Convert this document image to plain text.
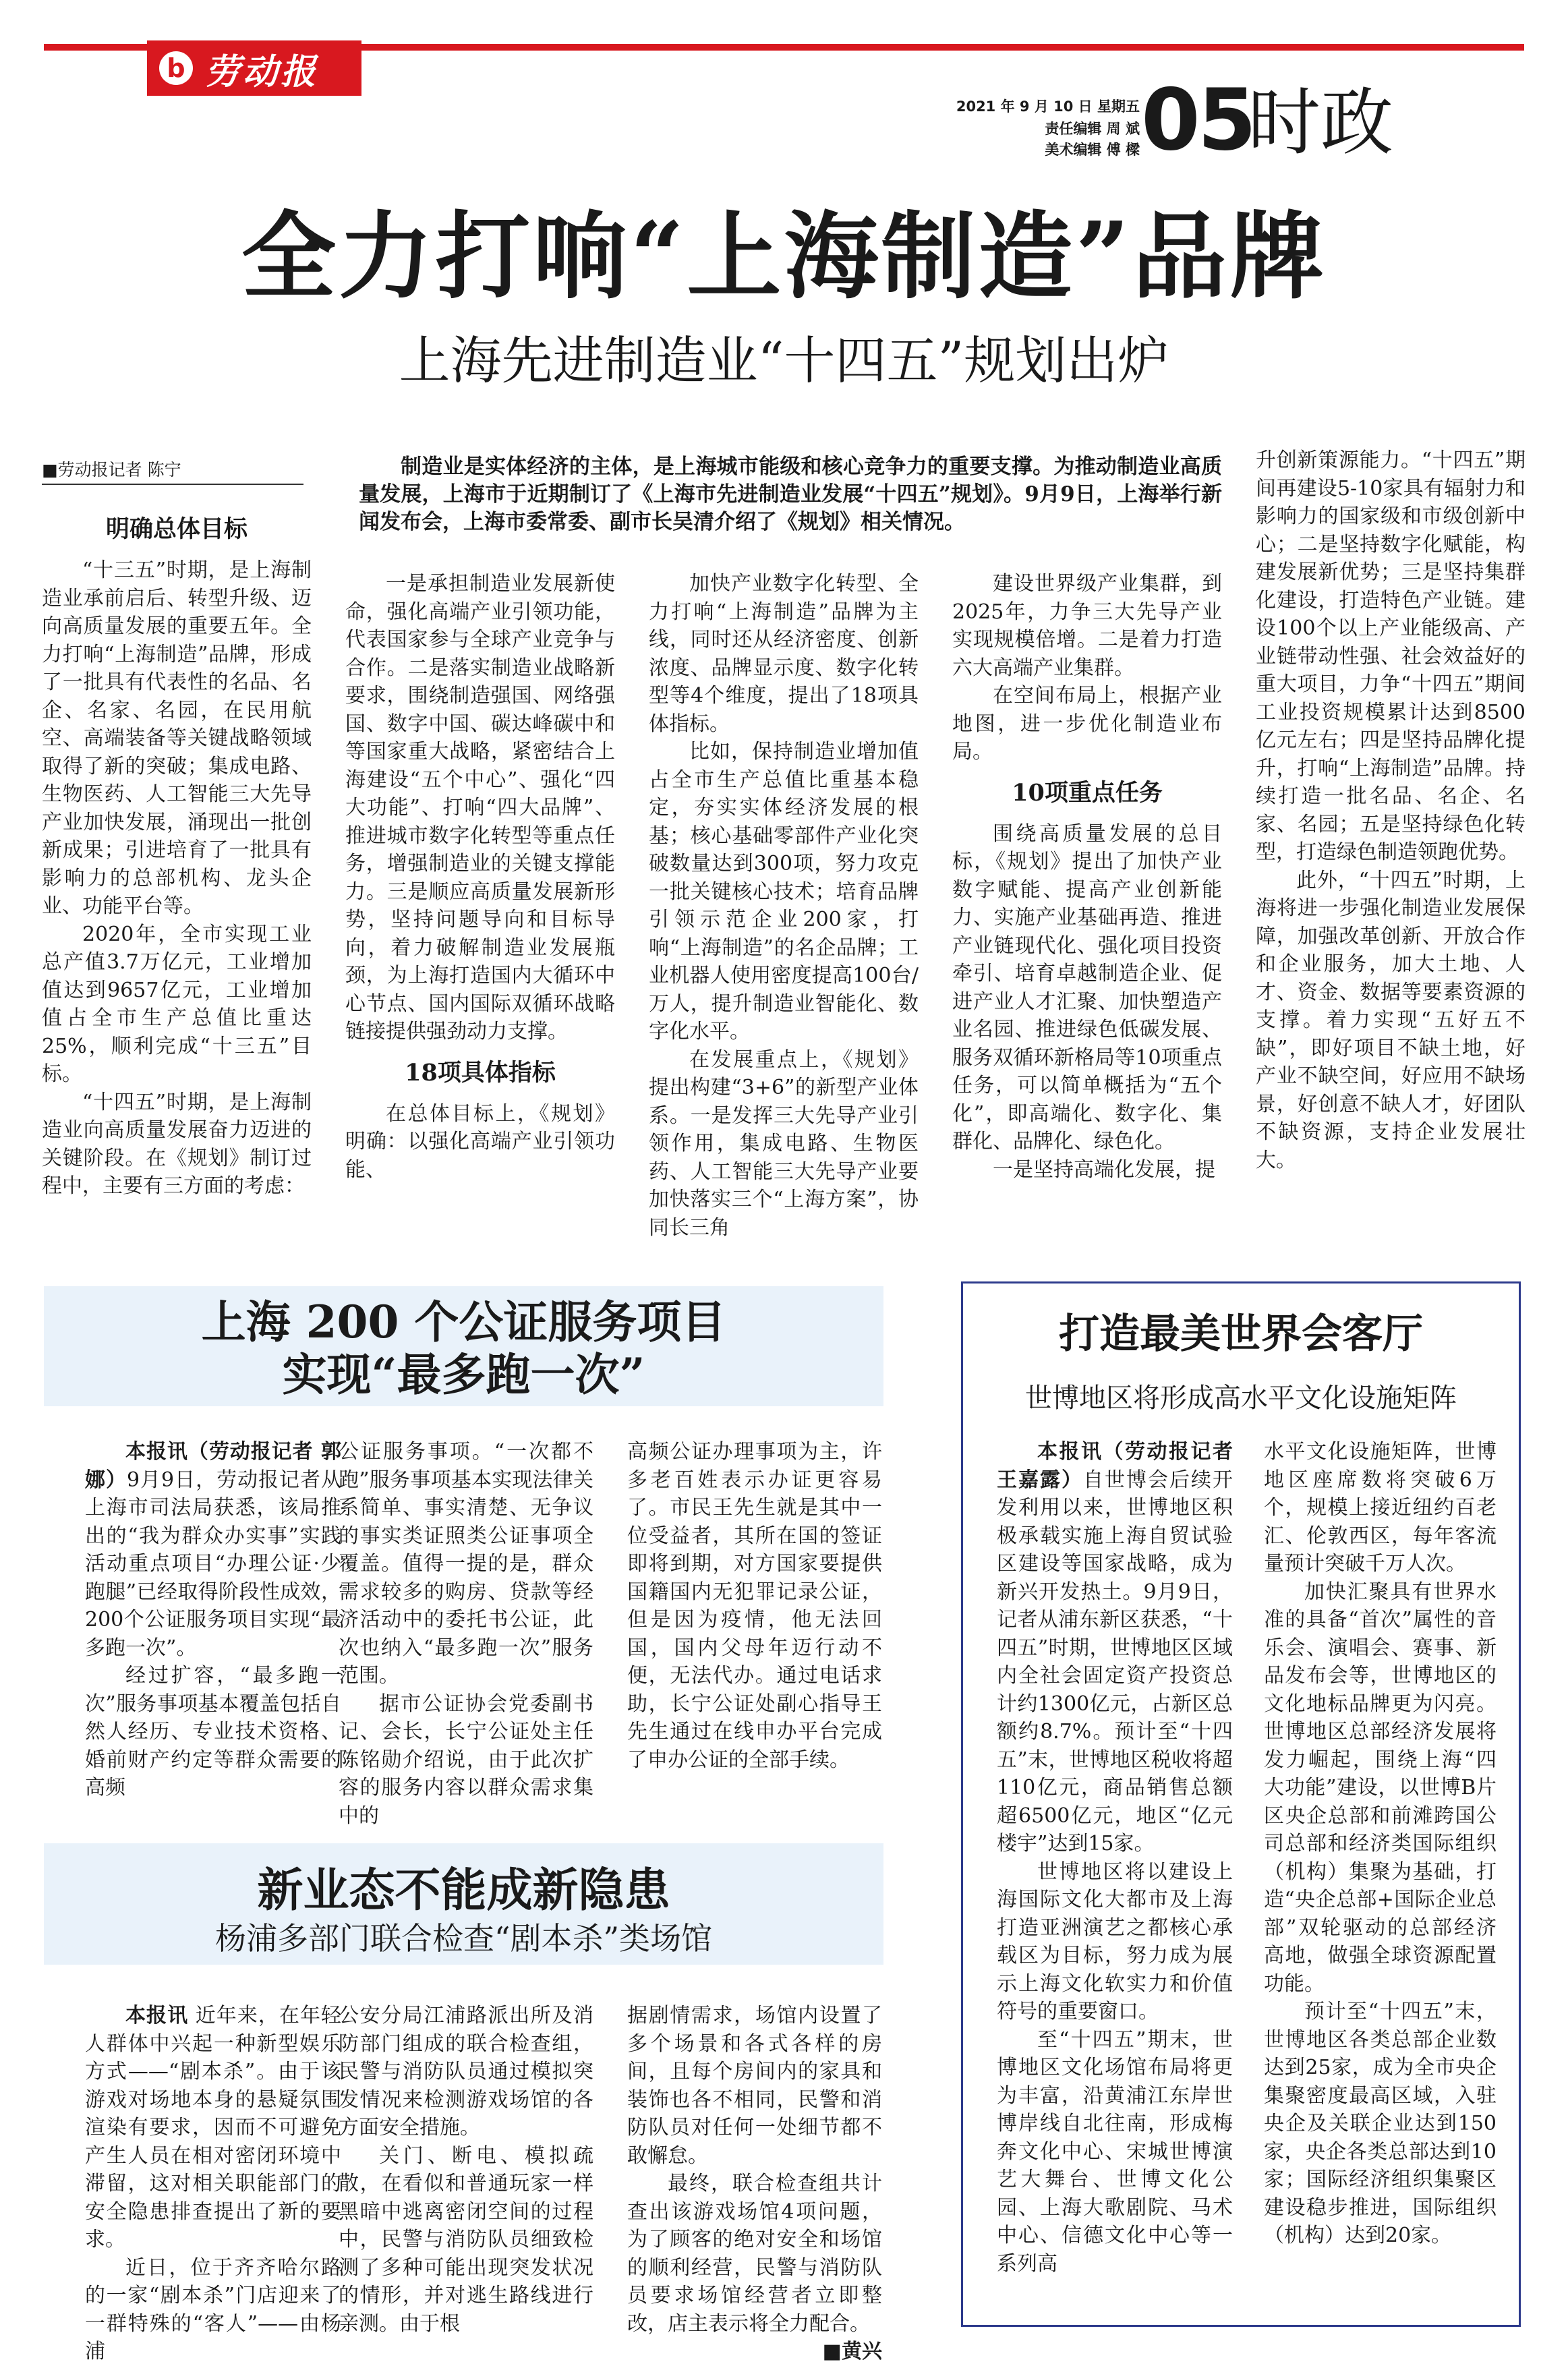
b 劳动报
2021 年 9 月 10 日 星期五
责任编辑 周 斌
美术编辑 傅 樑 05
时政
全力打响“上海制造”品牌
上海先进制造业“十四五”规划出炉
■劳动报记者 陈宁	制造业是实体经济的主体，是上海城市能级和核心竞争力的重要支撑。为推动制造业高质量发展，上海市于近期制订了《上海市先进制造业发展“十四五”规划》。9月9日，上海举行新闻发布会，上海市委常委、副市长吴清介绍了《规划》相关情况。

明确总体目标

“十三五”时期，是上海制造业承前启后、转型升级、迈向高质量发展的重要五年。全力打响“上海制造”品牌，形成了一批具有代表性的名品、名企、名家、名园，在民用航空、高端装备等关键战略领域取得了新的突破；集成电路、生物医药、人工智能三大先导产业加快发展，涌现出一批创新成果；引进培育了一批具有影响力的总部机构、龙头企业、功能平台等。

2020年，全市实现工业总产值3.7万亿元，工业增加值达到9657亿元，工业增加值占全市生产总值比重达25%，顺利完成“十三五”目标。

“十四五”时期，是上海制造业向高质量发展奋力迈进的关键阶段。在《规划》制订过程中，主要有三方面的考虑：

一是承担制造业发展新使命，强化高端产业引领功能，代表国家参与全球产业竞争与合作。二是落实制造业战略新要求，围绕制造强国、网络强国、数字中国、碳达峰碳中和等国家重大战略，紧密结合上海建设“五个中心”、强化“四大功能”、打响“四大品牌”、推进城市数字化转型等重点任务，增强制造业的关键支撑能力。三是顺应高质量发展新形势，坚持问题导向和目标导向，着力破解制造业发展瓶颈，为上海打造国内大循环中心节点、国内国际双循环战略链接提供强劲动力支撑。

18项具体指标

在总体目标上，《规划》明确：以强化高端产业引领功能、

加快产业数字化转型、全力打响“上海制造”品牌为主线，同时还从经济密度、创新浓度、品牌显示度、数字化转型等4个维度，提出了18项具体指标。

比如，保持制造业增加值占全市生产总值比重基本稳定，夯实实体经济发展的根基；核心基础零部件产业化突破数量达到300项，努力攻克一批关键核心技术；培育品牌引领示范企业200家，打响“上海制造”的名企品牌；工业机器人使用密度提高100台/万人，提升制造业智能化、数字化水平。

在发展重点上，《规划》提出构建“3+6”的新型产业体系。一是发挥三大先导产业引领作用，集成电路、生物医药、人工智能三大先导产业要加快落实三个“上海方案”，协同长三角

建设世界级产业集群，到2025年，力争三大先导产业实现规模倍增。二是着力打造六大高端产业集群。

在空间布局上，根据产业地图，进一步优化制造业布局。

10项重点任务

围绕高质量发展的总目标，《规划》提出了加快产业数字赋能、提高产业创新能力、实施产业基础再造、推进产业链现代化、强化项目投资牵引、培育卓越制造企业、促进产业人才汇聚、加快塑造产业名园、推进绿色低碳发展、服务双循环新格局等10项重点任务，可以简单概括为“五个化”，即高端化、数字化、集群化、品牌化、绿色化。

一是坚持高端化发展，提

升创新策源能力。“十四五”期间再建设5-10家具有辐射力和影响力的国家级和市级创新中心；二是坚持数字化赋能，构建发展新优势；三是坚持集群化建设，打造特色产业链。建设100个以上产业能级高、产业链带动性强、社会效益好的重大项目，力争“十四五”期间工业投资规模累计达到8500亿元左右；四是坚持品牌化提升，打响“上海制造”品牌。持续打造一批名品、名企、名家、名园；五是坚持绿色化转型，打造绿色制造领跑优势。

此外，“十四五”时期，上海将进一步强化制造业发展保障，加强改革创新、开放合作和企业服务，加大土地、人才、资金、数据等要素资源的支撑。着力实现“五好五不缺”，即好项目不缺土地，好产业不缺空间，好应用不缺场景，好创意不缺人才，好团队不缺资源，支持企业发展壮大。

上海 200 个公证服务项目
实现“最多跑一次”

本报讯（劳动报记者 郭娜）9月9日，劳动报记者从上海市司法局获悉，该局推出的“我为群众办实事”实践活动重点项目“办理公证·少跑腿”已经取得阶段性成效，200个公证服务项目实现“最多跑一次”。

经过扩容，“最多跑一次”服务事项基本覆盖包括自然人经历、专业技术资格、婚前财产约定等群众需要的高频

公证服务事项。“一次都不跑”服务事项基本实现法律关系简单、事实清楚、无争议的事实类证照类公证事项全覆盖。值得一提的是，群众需求较多的购房、贷款等经济活动中的委托书公证，此次也纳入“最多跑一次”服务范围。

据市公证协会党委副书记、会长，长宁公证处主任陈铭勋介绍说，由于此次扩容的服务内容以群众需求集中的

高频公证办理事项为主，许多老百姓表示办证更容易了。市民王先生就是其中一位受益者，其所在国的签证即将到期，对方国家要提供国籍国内无犯罪记录公证，但是因为疫情，他无法回国，国内父母年迈行动不便，无法代办。通过电话求助，长宁公证处副心指导王先生通过在线申办平台完成了申办公证的全部手续。

新业态不能成新隐患
杨浦多部门联合检查“剧本杀”类场馆

本报讯 近年来，在年轻人群体中兴起一种新型娱乐方式——“剧本杀”。由于该游戏对场地本身的悬疑氛围渲染有要求，因而不可避免产生人员在相对密闭环境中滞留，这对相关职能部门的安全隐患排查提出了新的要求。

近日，位于齐齐哈尔路的一家“剧本杀”门店迎来了一群特殊的“客人”——由杨浦

公安分局江浦路派出所及消防部门组成的联合检查组，民警与消防队员通过模拟突发情况来检测游戏场馆的各方面安全措施。

关门、断电、模拟疏散，在看似和普通玩家一样黑暗中逃离密闭空间的过程中，民警与消防队员细致检测了多种可能出现突发状况的情形，并对逃生路线进行亲测。由于根

据剧情需求，场馆内设置了多个场景和各式各样的房间，且每个房间内的家具和装饰也各不相同，民警和消防队员对任何一处细节都不敢懈怠。

最终，联合检查组共计查出该游戏场馆4项问题，为了顾客的绝对安全和场馆的顺利经营，民警与消防队员要求场馆经营者立即整改，店主表示将全力配合。

■黄兴
打造最美世界会客厅
世博地区将形成高水平文化设施矩阵

本报讯（劳动报记者 王嘉露）自世博会后续开发利用以来，世博地区积极承载实施上海自贸试验区建设等国家战略，成为新兴开发热土。9月9日，记者从浦东新区获悉，“十四五”时期，世博地区区域内全社会固定资产投资总计约1300亿元，占新区总额约8.7%。预计至“十四五”末，世博地区税收将超110亿元，商品销售总额超6500亿元，地区“亿元楼宇”达到15家。

世博地区将以建设上海国际文化大都市及上海打造亚洲演艺之都核心承载区为目标，努力成为展示上海文化软实力和价值符号的重要窗口。

至“十四五”期末，世博地区文化场馆布局将更为丰富，沿黄浦江东岸世博岸线自北往南，形成梅奔文化中心、宋城世博演艺大舞台、世博文化公园、上海大歌剧院、马术中心、信德文化中心等一系列高

水平文化设施矩阵，世博地区座席数将突破6万个，规模上接近纽约百老汇、伦敦西区，每年客流量预计突破千万人次。

加快汇聚具有世界水准的具备“首次”属性的音乐会、演唱会、赛事、新品发布会等，世博地区的文化地标品牌更为闪亮。世博地区总部经济发展将发力崛起，围绕上海“四大功能”建设，以世博B片区央企总部和前滩跨国公司总部和经济类国际组织（机构）集聚为基础，打造“央企总部+国际企业总部”双轮驱动的总部经济高地，做强全球资源配置功能。

预计至“十四五”末，世博地区各类总部企业数达到25家，成为全市央企集聚密度最高区域，入驻央企及关联企业达到150家，央企各类总部达到10家；国际经济组织集聚区建设稳步推进，国际组织（机构）达到20家。
